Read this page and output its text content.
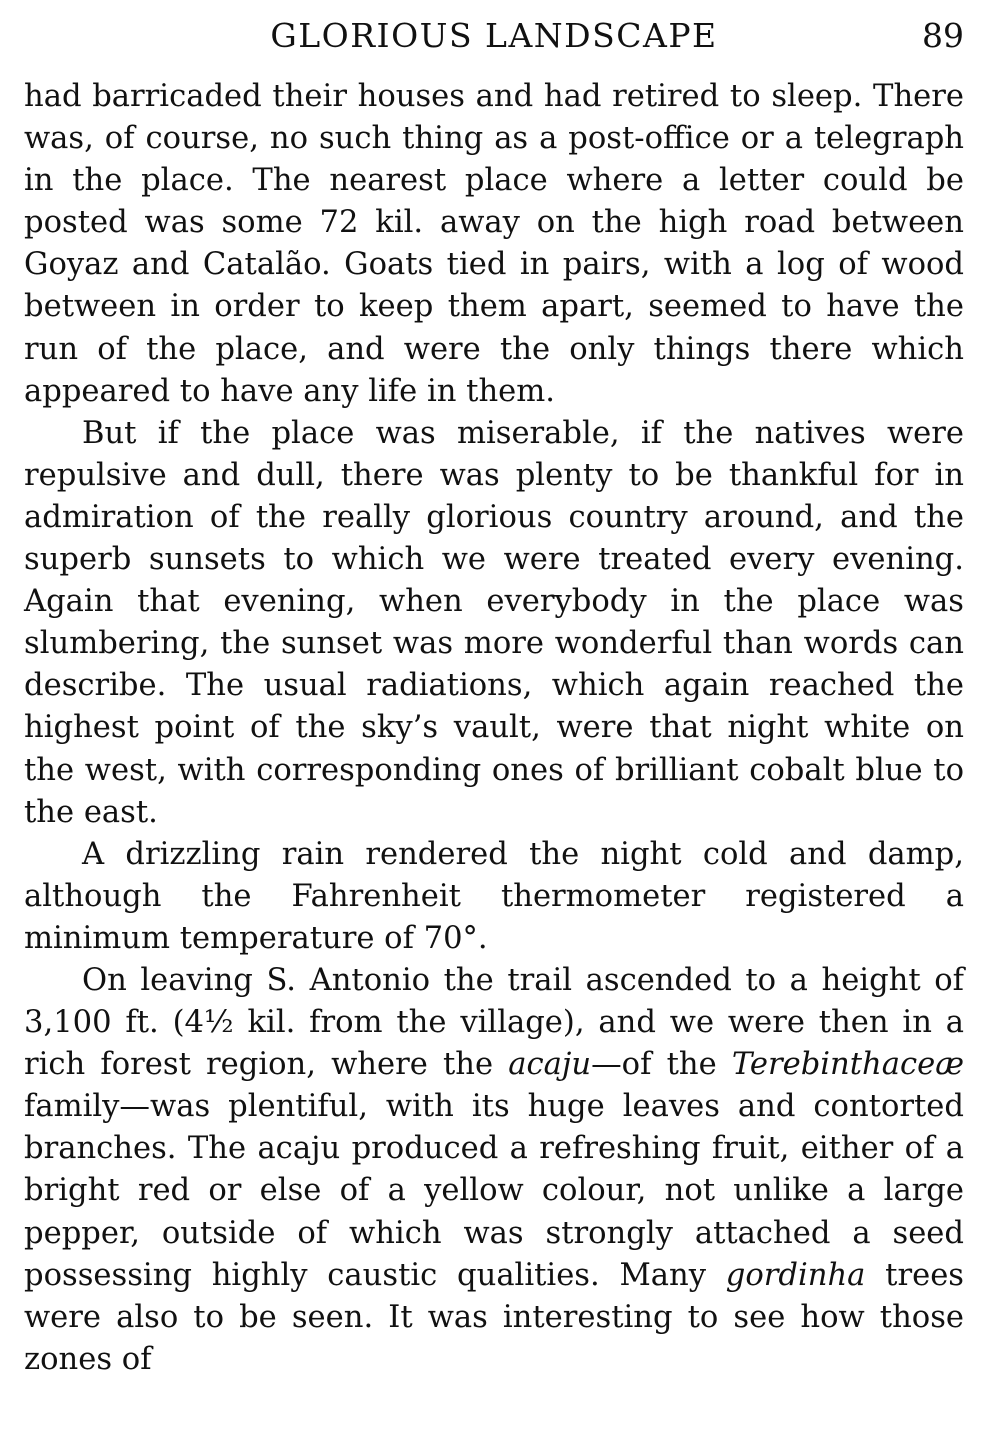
GLORIOUS LANDSCAPE	89

had barricaded their houses and had retired to sleep. There was, of course, no such thing as a post-office or a telegraph in the place. The nearest place where a letter could be posted was some 72 kil. away on the high road between Goyaz and Catalão. Goats tied in pairs, with a log of wood between in order to keep them apart, seemed to have the run of the place, and were the only things there which appeared to have any life in them.

But if the place was miserable, if the natives were repulsive and dull, there was plenty to be thankful for in admiration of the really glorious country around, and the superb sunsets to which we were treated every evening. Again that evening, when everybody in the place was slumbering, the sunset was more wonderful than words can describe. The usual radiations, which again reached the highest point of the sky’s vault, were that night white on the west, with corresponding ones of brilliant cobalt blue to the east.

A drizzling rain rendered the night cold and damp, although the Fahrenheit thermometer registered a minimum temperature of 70°.

On leaving S. Antonio the trail ascended to a height of 3,100 ft. (4½ kil. from the village), and we were then in a rich forest region, where the acaju—of the Terebinthaceæ family—was plentiful, with its huge leaves and contorted branches. The acaju produced a refreshing fruit, either of a bright red or else of a yellow colour, not unlike a large pepper, outside of which was strongly attached a seed possessing highly caustic qualities. Many gordinha trees were also to be seen. It was interesting to see how those zones of
